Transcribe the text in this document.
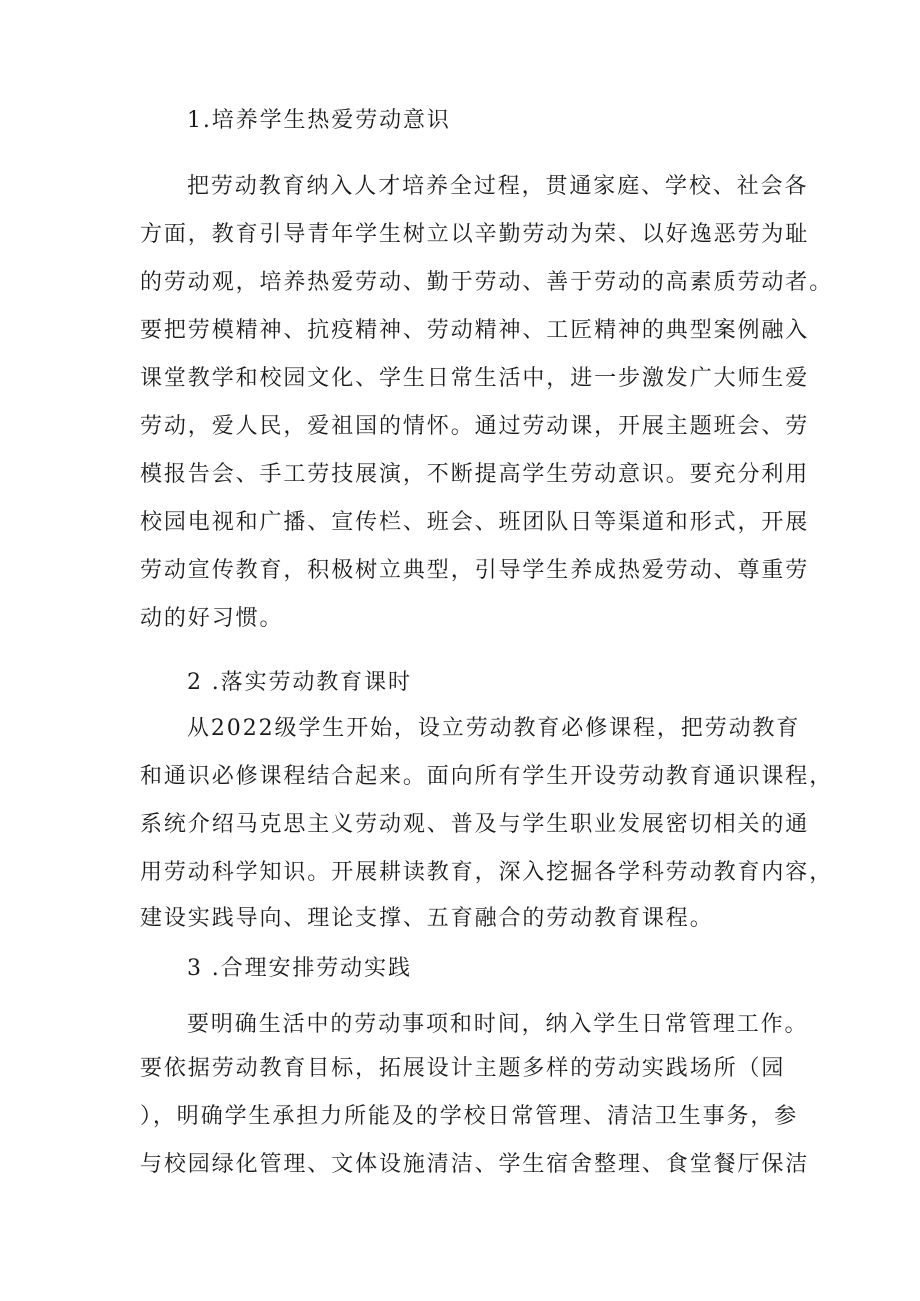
1.培养学生热爱劳动意识
把劳动教育纳入人才培养全过程，贯通家庭、学校、社会各
方面，教育引导青年学生树立以辛勤劳动为荣、以好逸恶劳为耻
的劳动观，培养热爱劳动、勤于劳动、善于劳动的高素质劳动者。
要把劳模精神、抗疫精神、劳动精神、工匠精神的典型案例融入
课堂教学和校园文化、学生日常生活中，进一步激发广大师生爱
劳动，爱人民，爱祖国的情怀。通过劳动课，开展主题班会、劳
模报告会、手工劳技展演，不断提高学生劳动意识。要充分利用
校园电视和广播、宣传栏、班会、班团队日等渠道和形式，开展
劳动宣传教育，积极树立典型，引导学生养成热爱劳动、尊重劳
动的好习惯。
2 .落实劳动教育课时
从2022级学生开始，设立劳动教育必修课程，把劳动教育
和通识必修课程结合起来。面向所有学生开设劳动教育通识课程，
系统介绍马克思主义劳动观、普及与学生职业发展密切相关的通
用劳动科学知识。开展耕读教育，深入挖掘各学科劳动教育内容，
建设实践导向、理论支撑、五育融合的劳动教育课程。
3 .合理安排劳动实践
要明确生活中的劳动事项和时间，纳入学生日常管理工作。
要依据劳动教育目标，拓展设计主题多样的劳动实践场所（园
），明确学生承担力所能及的学校日常管理、清洁卫生事务，参
与校园绿化管理、文体设施清洁、学生宿舍整理、食堂餐厅保洁
